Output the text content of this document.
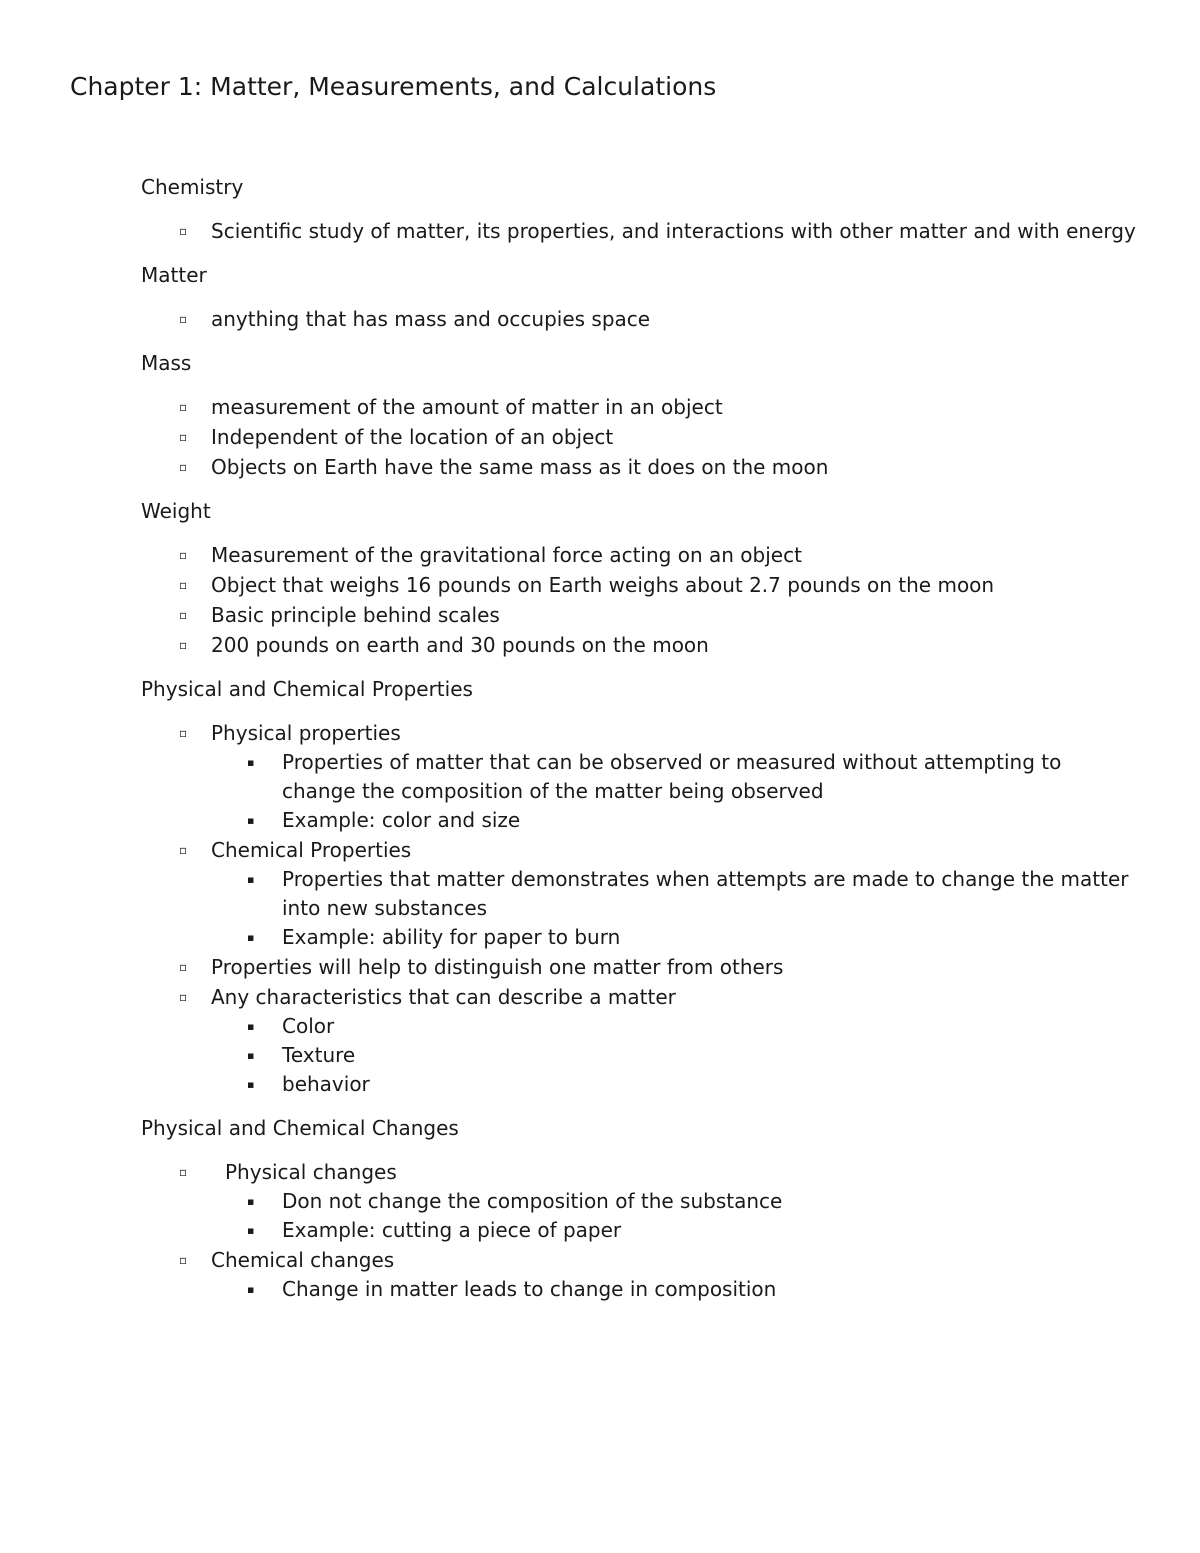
Chapter 1: Matter, Measurements, and Calculations

Chemistry

▫ Scientific study of matter, its properties, and interactions with other matter and with energy

Matter

▫ anything that has mass and occupies space

Mass

▫ measurement of the amount of matter in an object
▫ Independent of the location of an object
▫ Objects on Earth have the same mass as it does on the moon

Weight

▫ Measurement of the gravitational force acting on an object
▫ Object that weighs 16 pounds on Earth weighs about 2.7 pounds on the moon
▫ Basic principle behind scales
▫ 200 pounds on earth and 30 pounds on the moon

Physical and Chemical Properties

▫ Physical properties
▪ Properties of matter that can be observed or measured without attempting to change the composition of the matter being observed
▪ Example: color and size
▫ Chemical Properties
▪ Properties that matter demonstrates when attempts are made to change the matter into new substances
▪ Example: ability for paper to burn
▫ Properties will help to distinguish one matter from others
▫ Any characteristics that can describe a matter
▪ Color
▪ Texture
▪ behavior

Physical and Chemical Changes

▫	Physical changes
▪ Don not change the composition of the substance
▪ Example: cutting a piece of paper
▫ Chemical changes
▪ Change in matter leads to change in composition
